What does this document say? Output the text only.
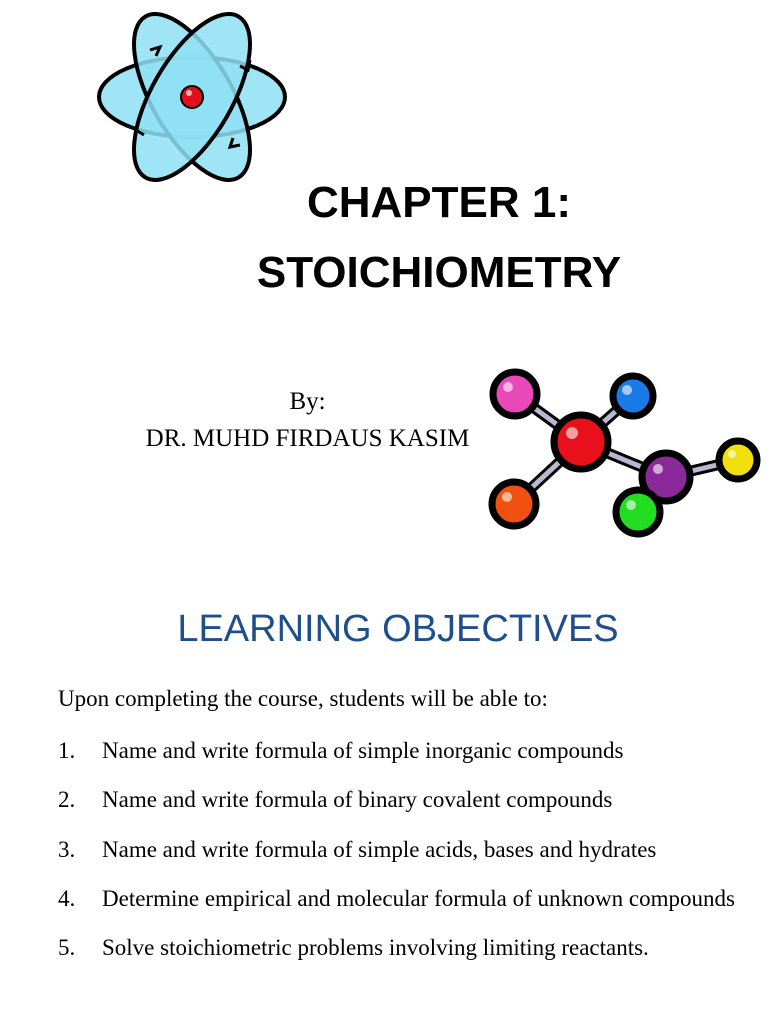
CHAPTER 1:
STOICHIOMETRY
By:
DR. MUHD FIRDAUS KASIM
LEARNING OBJECTIVES
Upon completing the course, students will be able to:
1.	Name and write formula of simple inorganic compounds
2.	Name and write formula of binary covalent compounds
3.	Name and write formula of simple acids, bases and hydrates
4.	Determine empirical and molecular formula of unknown compounds
5.	Solve stoichiometric problems involving limiting reactants.
